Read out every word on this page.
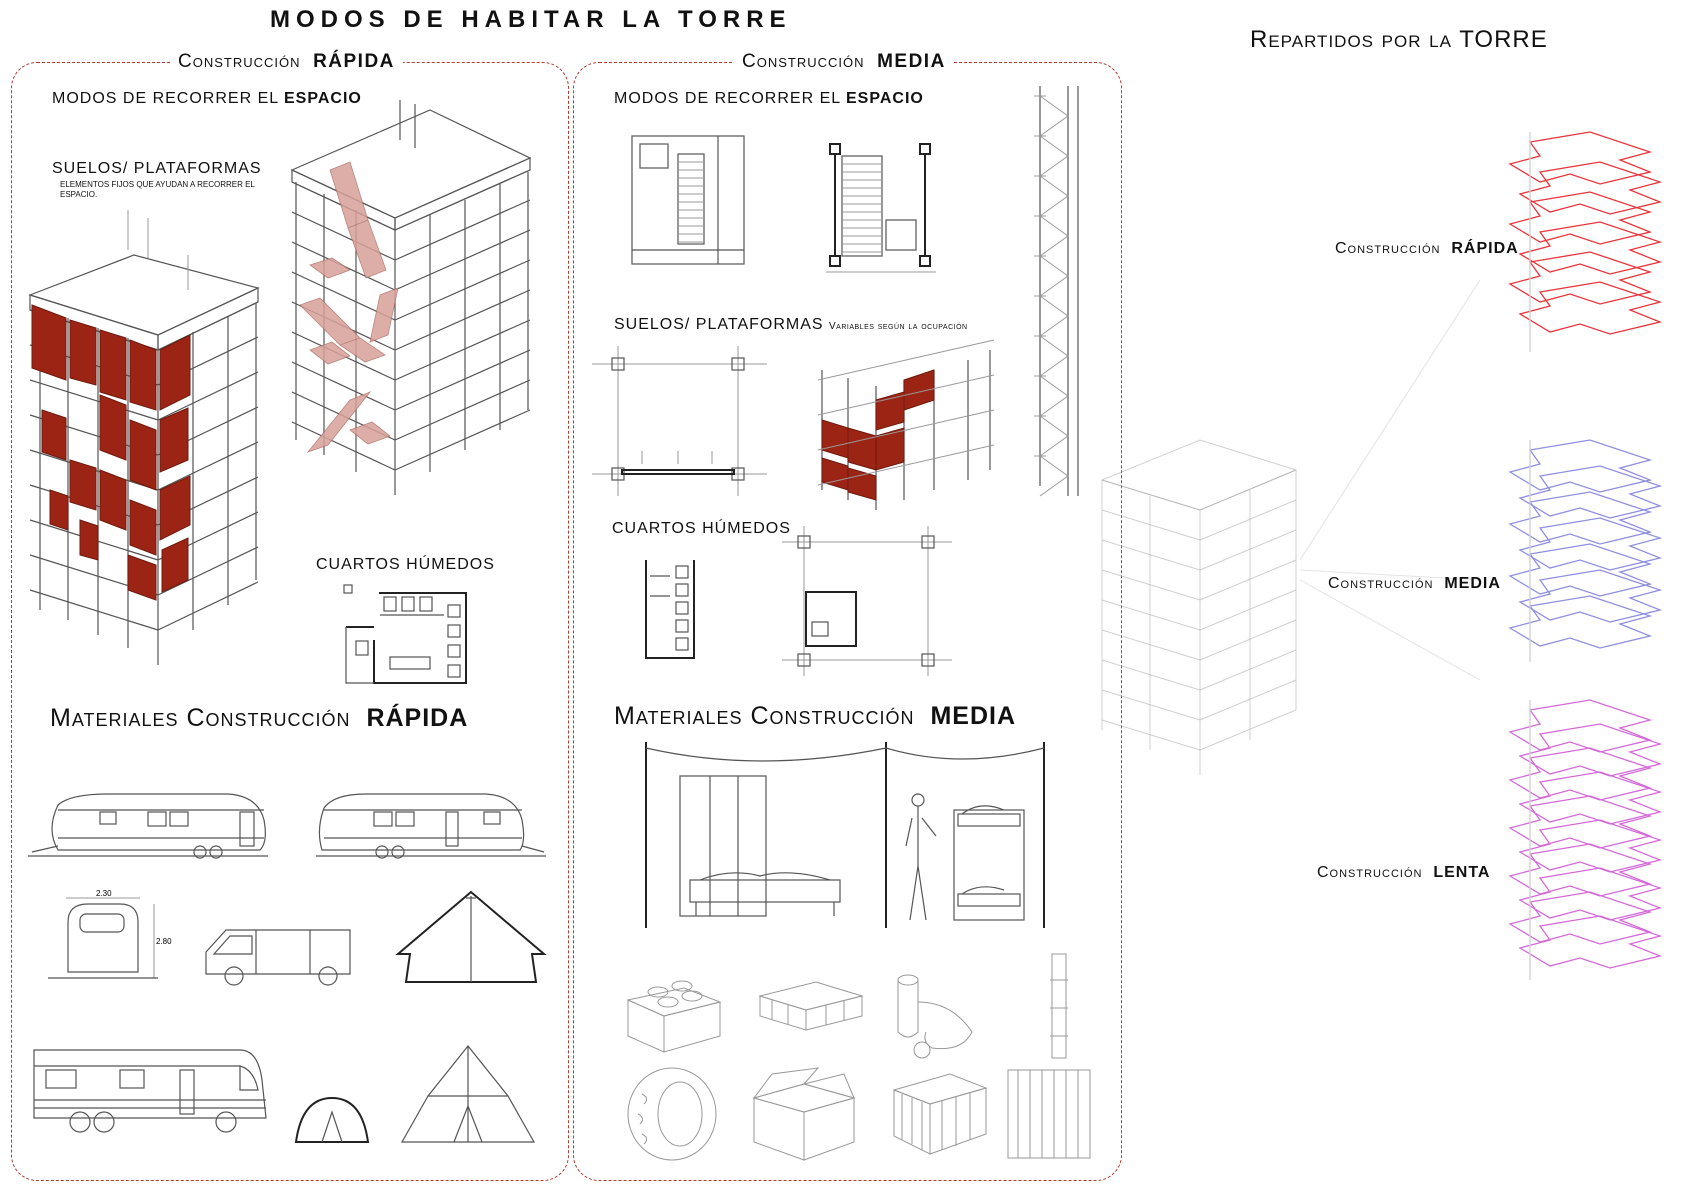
MODOS DE HABITAR LA TORRE
Repartidos por la TORRE
Construcción RÁPIDA
MODOS DE RECORRER EL ESPACIO
SUELOS/ PLATAFORMAS
ELEMENTOS FIJOS QUE AYUDAN A RECORRER EL ESPACIO.
CUARTOS HÚMEDOS
Materiales Construcción RÁPIDA
2.30
2.80
Construcción MEDIA
MODOS DE RECORRER EL ESPACIO
SUELOS/ PLATAFORMAS Variables según la ocupación
CUARTOS HÚMEDOS
Materiales Construcción MEDIA
Construcción RÁPIDA
Construcción MEDIA
Construcción LENTA
